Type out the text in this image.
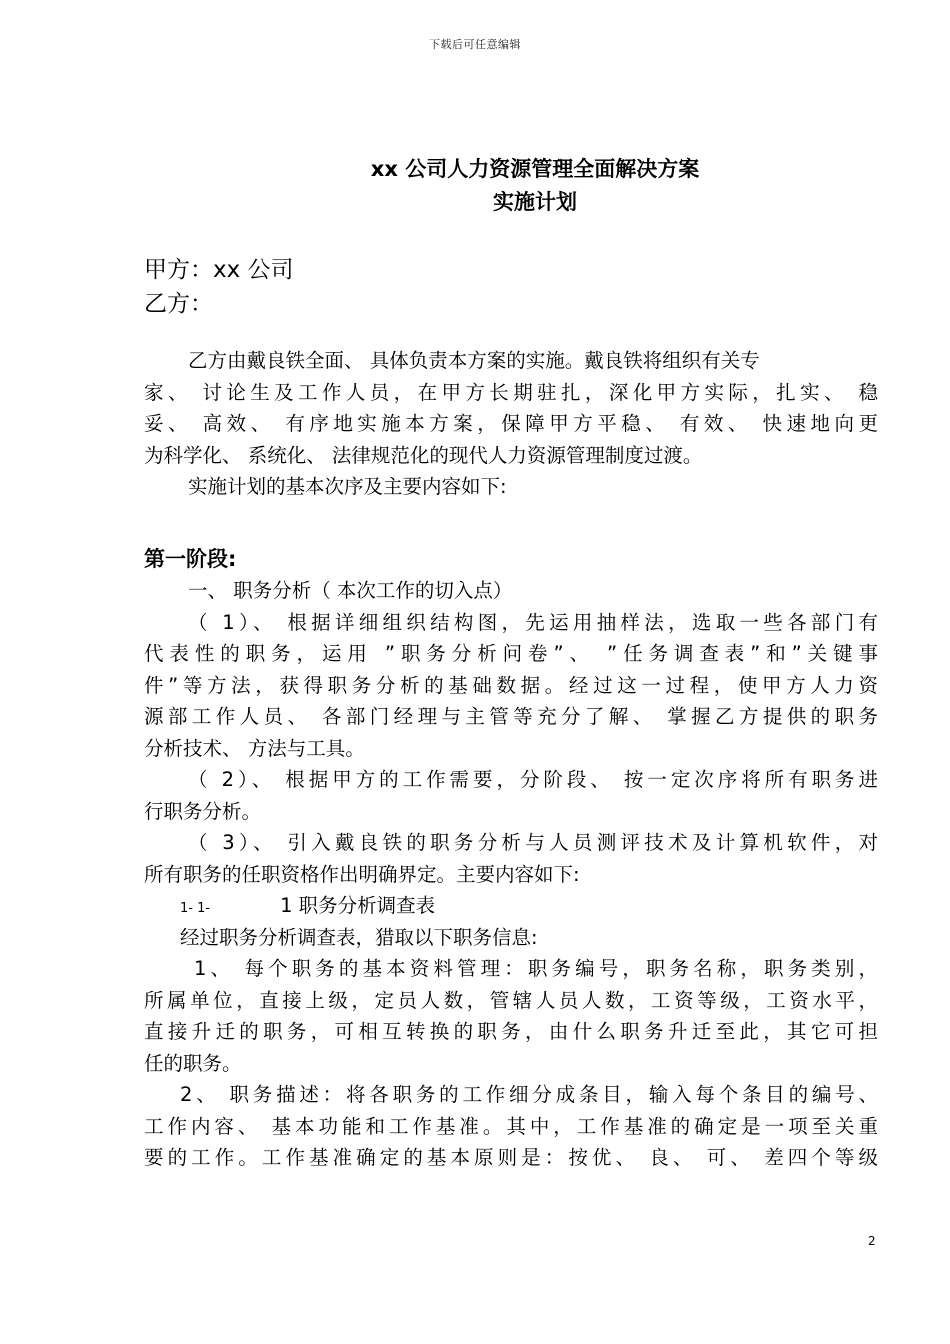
下载后可任意编辑
xx 公司人力资源管理全面解决方案
实施计划
甲方：xx 公司
乙方：
乙方由戴良铁全面、 具体负责本方案的实施。戴良铁将组织有关专
家、 讨论生及工作人员，在甲方长期驻扎，深化甲方实际，扎实、 稳
妥、 高效、 有序地实施本方案，保障甲方平稳、 有效、 快速地向更
为科学化、 系统化、 法律规范化的现代人力资源管理制度过渡。
实施计划的基本次序及主要内容如下:
第一阶段:
一、 职务分析（ 本次工作的切入点）
（ 1）、 根据详细组织结构图，先运用抽样法，选取一些各部门有
代表性的职务，运用 ”职务分析问卷”、 ”任务调查表”和”关键事
件”等方法，获得职务分析的基础数据。经过这一过程，使甲方人力资
源部工作人员、 各部门经理与主管等充分了解、 掌握乙方提供的职务
分析技术、 方法与工具。
（ 2）、 根据甲方的工作需要，分阶段、 按一定次序将所有职务进
行职务分析。
（ 3）、 引入戴良铁的职务分析与人员测评技术及计算机软件，对
所有职务的任职资格作出明确界定。主要内容如下:
1- 1-	1 职务分析调查表
经过职务分析调查表，猎取以下职务信息:
1、 每个职务的基本资料管理：职务编号，职务名称，职务类别，
所属单位，直接上级，定员人数，管辖人员人数，工资等级，工资水平，
直接升迁的职务，可相互转换的职务，由什么职务升迁至此，其它可担
任的职务。
2、 职务描述：将各职务的工作细分成条目，输入每个条目的编号、
工作内容、 基本功能和工作基准。其中，工作基准的确定是一项至关重
要的工作。工作基准确定的基本原则是：按优、 良、 可、 差四个等级
2
